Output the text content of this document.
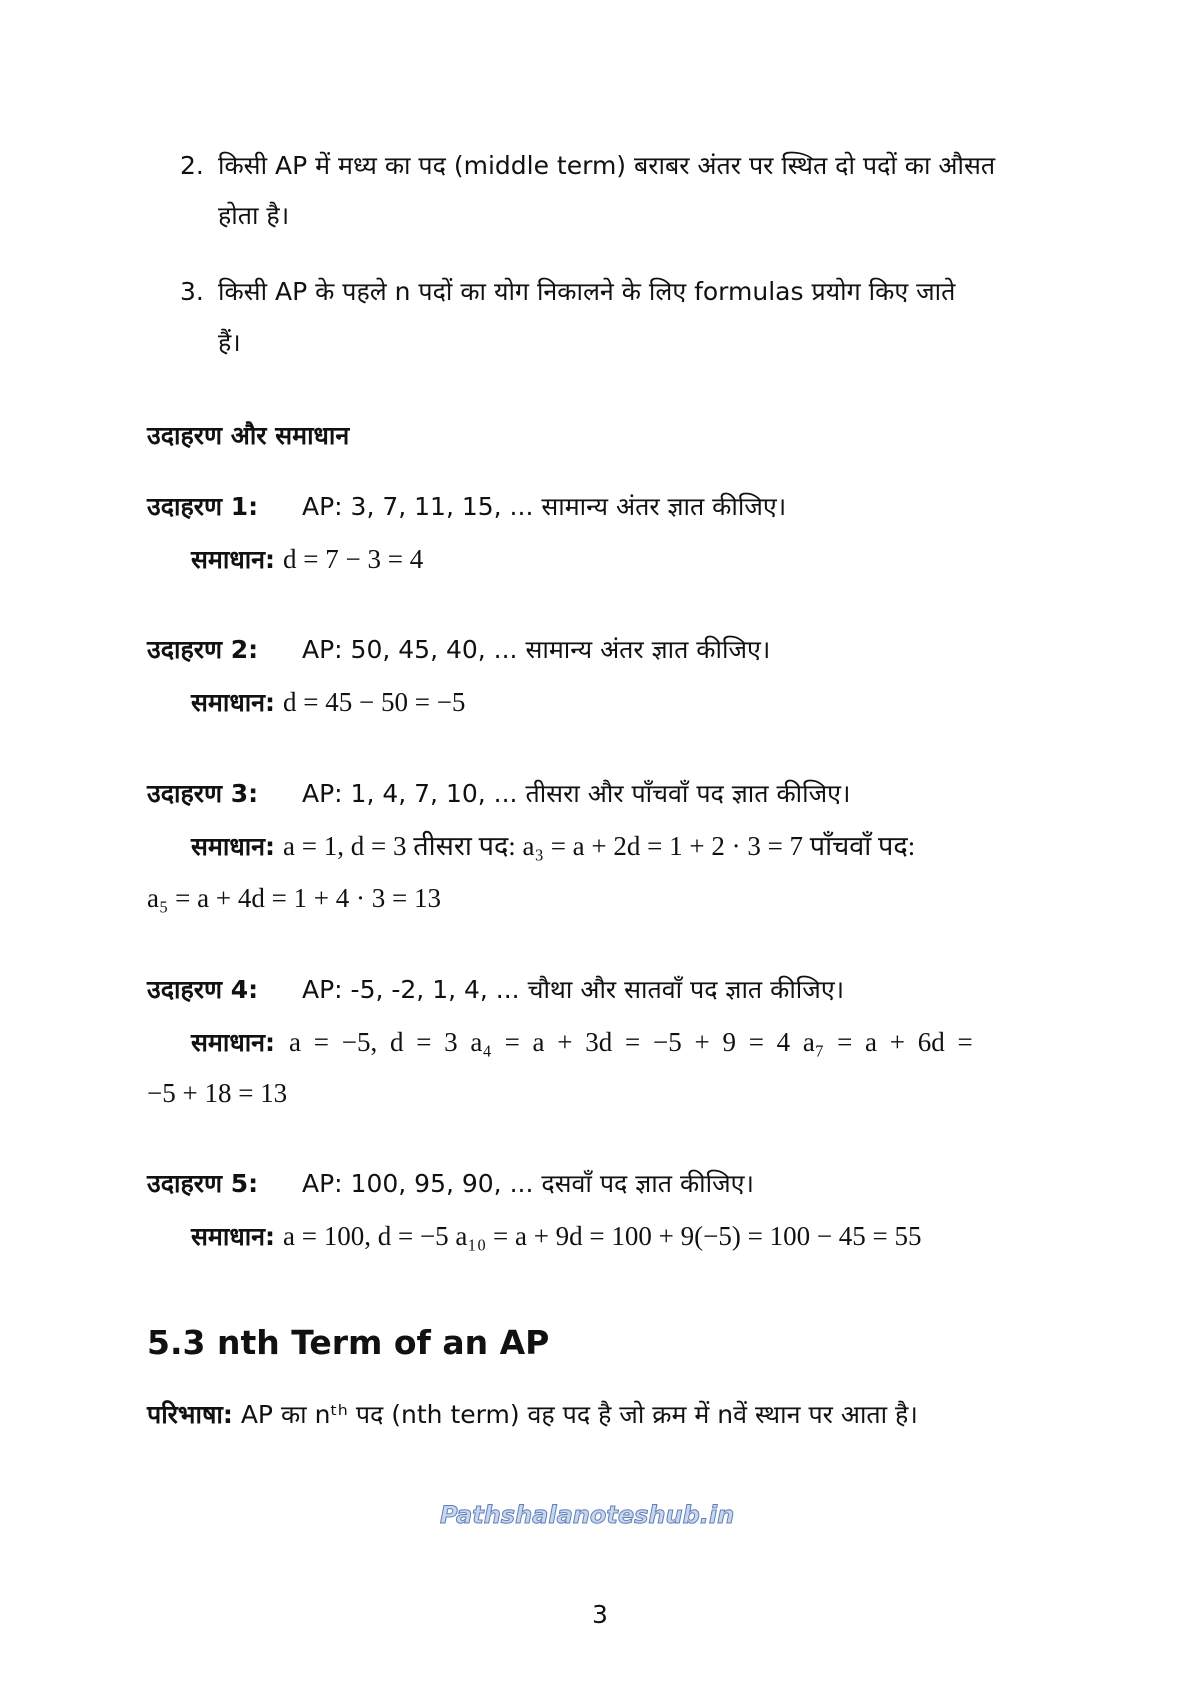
2. किसी AP में मध्य का पद (middle term) बराबर अंतर पर स्थित दो पदों का औसत
होता है।
3. किसी AP के पहले n पदों का योग निकालने के लिए formulas प्रयोग किए जाते
हैं।
उदाहरण और समाधान
उदाहरण 1: AP: 3, 7, 11, 15, ... सामान्य अंतर ज्ञात कीजिए।
समाधान: d = 7 − 3 = 4
उदाहरण 2: AP: 50, 45, 40, ... सामान्य अंतर ज्ञात कीजिए।
समाधान: d = 45 − 50 = −5
उदाहरण 3: AP: 1, 4, 7, 10, ... तीसरा और पाँचवाँ पद ज्ञात कीजिए।
समाधान: a = 1, d = 3 तीसरा पद: a₃ = a + 2d = 1 + 2 · 3 = 7 पाँचवाँ पद:
a₅ = a + 4d = 1 + 4 · 3 = 13
उदाहरण 4: AP: -5, -2, 1, 4, ... चौथा और सातवाँ पद ज्ञात कीजिए।
समाधान: a = −5, d = 3 a₄ = a + 3d = −5 + 9 = 4 a₇ = a + 6d =
−5 + 18 = 13
उदाहरण 5: AP: 100, 95, 90, ... दसवाँ पद ज्ञात कीजिए।
समाधान: a = 100, d = −5 a₁₀ = a + 9d = 100 + 9(−5) = 100 − 45 = 55
5.3 nth Term of an AP
परिभाषा: AP का nᵗʰ पद (nth term) वह पद है जो क्रम में nवें स्थान पर आता है।
Pathshalanoteshub.in
3
